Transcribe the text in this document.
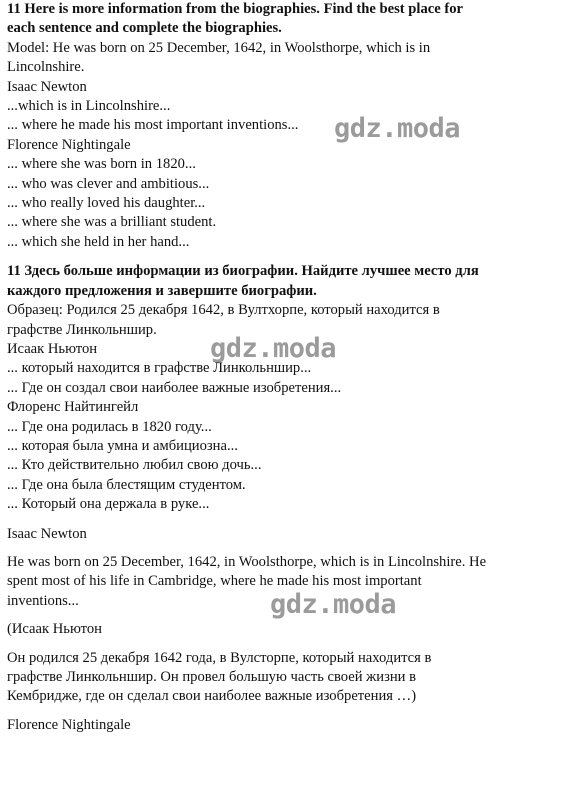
11 Here is more information from the biographies. Find the best place for
each sentence and complete the biographies.
Model: He was born on 25 December, 1642, in Woolsthorpe, which is in
Lincolnshire.
Isaac Newton
...which is in Lincolnshire...
... where he made his most important inventions...
Florence Nightingale
... where she was born in 1820...
... who was clever and ambitious...
... who really loved his daughter...
... where she was a brilliant student.
... which she held in her hand...
11 Здесь больше информации из биографии. Найдите лучшее место для
каждого предложения и завершите биографии.
Образец: Родился 25 декабря 1642, в Вултхорпе, который находится в
графстве Линкольншир.
Исаак Ньютон
... который находится в графстве Линкольншир...
... Где он создал свои наиболее важные изобретения...
Флоренс Найтингейл
... Где она родилась в 1820 году...
... которая была умна и амбициозна...
... Кто действительно любил свою дочь...
... Где она была блестящим студентом.
... Который она держала в руке...
Isaac Newton
He was born on 25 December, 1642, in Woolsthorpe, which is in Lincolnshire. He
spent most of his life in Cambridge, where he made his most important
inventions...
(Исаак Ньютон
Он родился 25 декабря 1642 года, в Вулсторпе, который находится в
графстве Линкольншир. Он провел большую часть своей жизни в
Кембридже, где он сделал свои наиболее важные изобретения …)
Florence Nightingale
gdz.moda
gdz.moda
gdz.moda
